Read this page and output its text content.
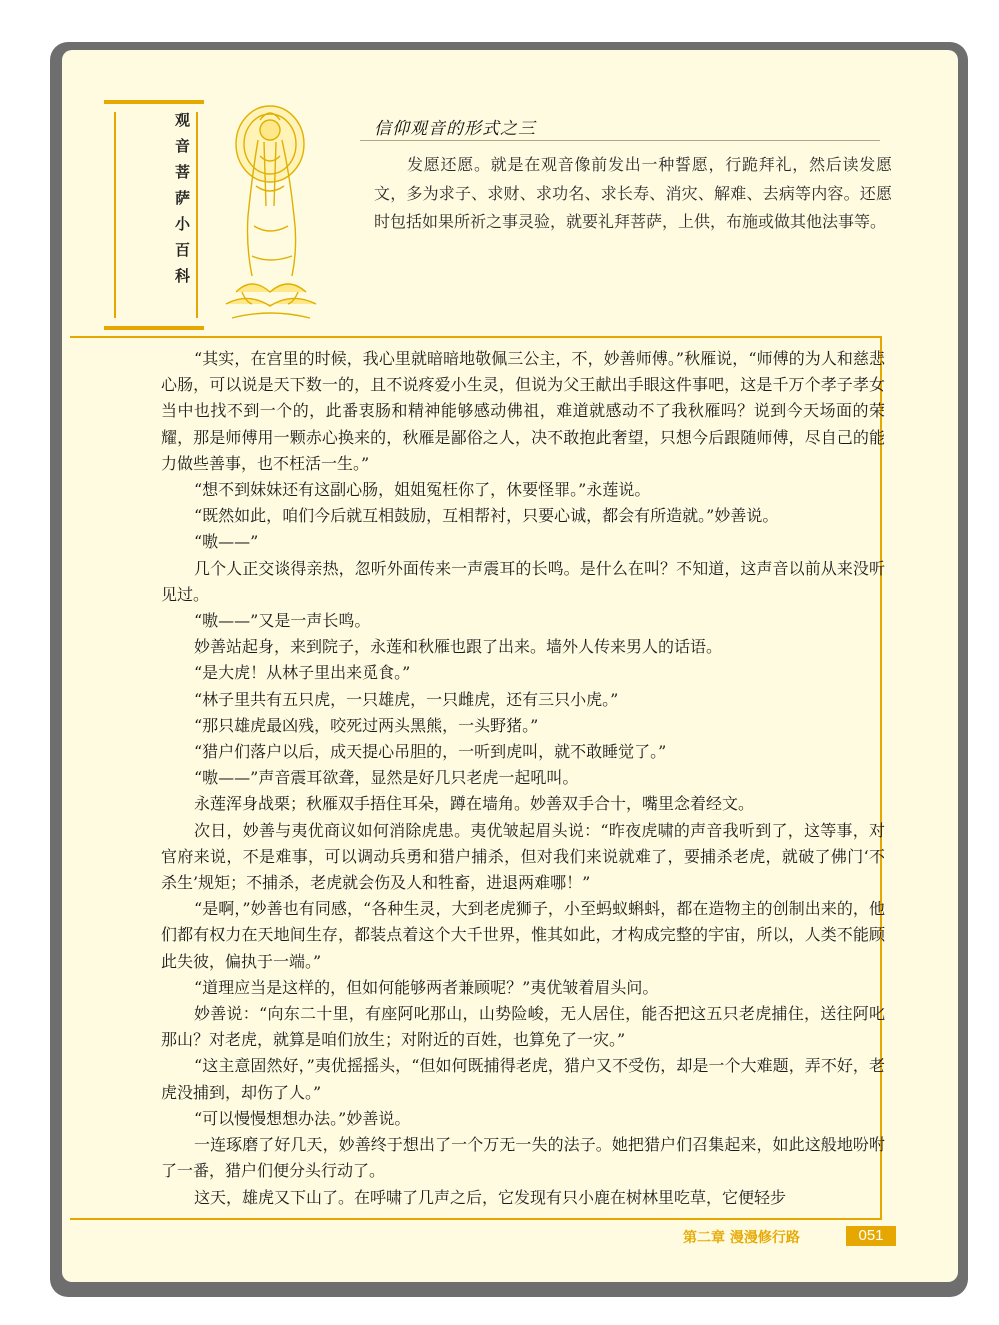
观音菩萨小百科	信仰观音的形式之三

发愿还愿。就是在观音像前发出一种誓愿，行跪拜礼，然后读发愿文，多为求子、求财、求功名、求长寿、消灾、解难、去病等内容。还愿时包括如果所祈之事灵验，就要礼拜菩萨，上供，布施或做其他法事等。

“其实，在宫里的时候，我心里就暗暗地敬佩三公主，不，妙善师傅。”秋雁说，“师傅的为人和慈悲心肠，可以说是天下数一的，且不说疼爱小生灵，但说为父王献出手眼这件事吧，这是千万个孝子孝女当中也找不到一个的，此番衷肠和精神能够感动佛祖，难道就感动不了我秋雁吗？说到今天场面的荣耀，那是师傅用一颗赤心换来的，秋雁是鄙俗之人，决不敢抱此奢望，只想今后跟随师傅，尽自己的能力做些善事，也不枉活一生。”

“想不到妹妹还有这副心肠，姐姐冤枉你了，休要怪罪。”永莲说。

“既然如此，咱们今后就互相鼓励，互相帮衬，只要心诚，都会有所造就。”妙善说。

“嗷——”

几个人正交谈得亲热，忽听外面传来一声震耳的长鸣。是什么在叫？不知道，这声音以前从来没听见过。

“嗷——”又是一声长鸣。

妙善站起身，来到院子，永莲和秋雁也跟了出来。墙外人传来男人的话语。

“是大虎！从林子里出来觅食。”

“林子里共有五只虎，一只雄虎，一只雌虎，还有三只小虎。”

“那只雄虎最凶残，咬死过两头黑熊，一头野猪。”

“猎户们落户以后，成天提心吊胆的，一听到虎叫，就不敢睡觉了。”

“嗷——”声音震耳欲聋，显然是好几只老虎一起吼叫。

永莲浑身战栗；秋雁双手捂住耳朵，蹲在墙角。妙善双手合十，嘴里念着经文。

次日，妙善与夷优商议如何消除虎患。夷优皱起眉头说：“昨夜虎啸的声音我听到了，这等事，对官府来说，不是难事，可以调动兵勇和猎户捕杀，但对我们来说就难了，要捕杀老虎，就破了佛门‘不杀生’规矩；不捕杀，老虎就会伤及人和牲畜，进退两难哪！”

“是啊，”妙善也有同感，“各种生灵，大到老虎狮子，小至蚂蚁蝌蚪，都在造物主的创制出来的，他们都有权力在天地间生存，都装点着这个大千世界，惟其如此，才构成完整的宇宙，所以，人类不能顾此失彼，偏执于一端。”

“道理应当是这样的，但如何能够两者兼顾呢？”夷优皱着眉头问。

妙善说：“向东二十里，有座阿叱那山，山势险峻，无人居住，能否把这五只老虎捕住，送往阿叱那山？对老虎，就算是咱们放生；对附近的百姓，也算免了一灾。”

“这主意固然好，”夷优摇摇头，“但如何既捕得老虎，猎户又不受伤，却是一个大难题，弄不好，老虎没捕到，却伤了人。”

“可以慢慢想想办法。”妙善说。

一连琢磨了好几天，妙善终于想出了一个万无一失的法子。她把猎户们召集起来，如此这般地吩咐了一番，猎户们便分头行动了。

这天，雄虎又下山了。在呼啸了几声之后，它发现有只小鹿在树林里吃草，它便轻步

第二章 漫漫修行路	051
